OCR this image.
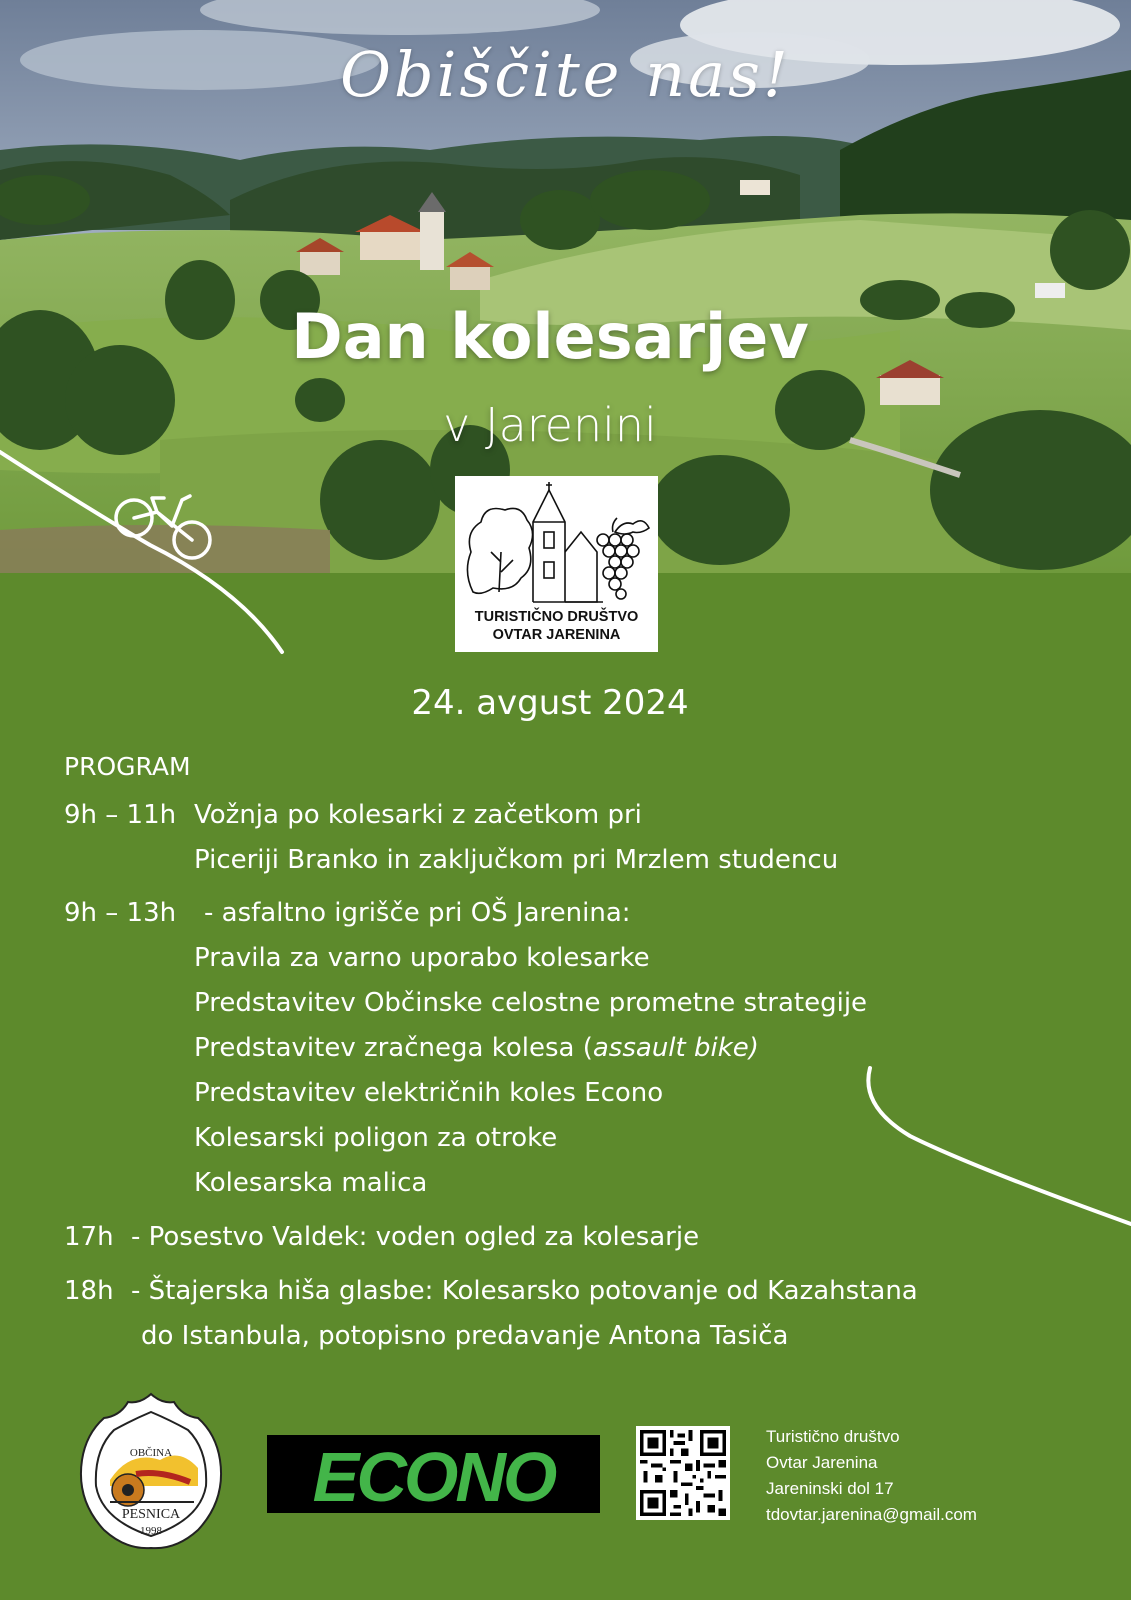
Obiščite nas!
Dan kolesarjev
v Jarenini
TURISTIČNO DRUŠTVO
OVTAR JARENINA
24. avgust 2024
PROGRAM
9h – 11h Vožnja po kolesarki z začetkom pri
Piceriji Branko in zaključkom pri Mrzlem studencu
9h – 13h - asfaltno igrišče pri OŠ Jarenina:
Pravila za varno uporabo kolesarke
Predstavitev Občinske celostne prometne strategije
Predstavitev zračnega kolesa (assault bike)
Predstavitev električnih koles Econo
Kolesarski poligon za otroke
Kolesarska malica
17h - Posestvo Valdek: voden ogled za kolesarje
18h - Štajerska hiša glasbe: Kolesarsko potovanje od Kazahstana
do Istanbula, potopisno predavanje Antona Tasiča
OBČINA
PESNICA
1998
ECONO
Turistično društvo
Ovtar Jarenina
Jareninski dol 17
tdovtar.jarenina@gmail.com
